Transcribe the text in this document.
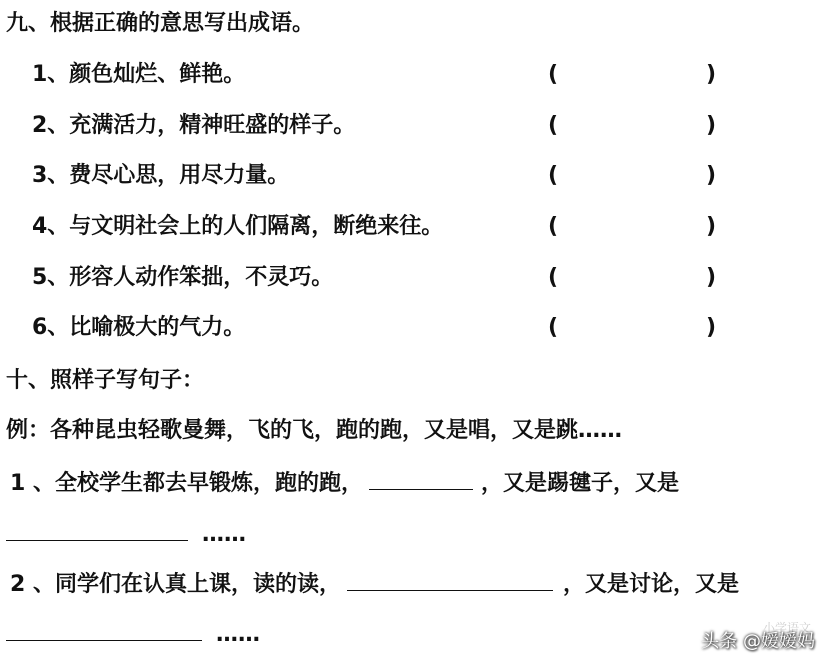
九、根据正确的意思写出成语。
1、颜色灿烂、鲜艳。	(	)
2、充满活力，精神旺盛的样子。	(	)
3、费尽心思，用尽力量。	(	)
4、与文明社会上的人们隔离，断绝来往。	(	)
5、形容人动作笨拙，不灵巧。	(	)
6、比喻极大的气力。	(	)
十、照样子写句子：
例：各种昆虫轻歌曼舞，飞的飞，跑的跑，又是唱，又是跳……
1 、全校学生都去早锻炼，跑的跑，	，又是踢毽子，又是
……
2 、同学们在认真上课，读的读，	，又是讨论，又是
……	小学语文
头条 @嫒嫒妈
